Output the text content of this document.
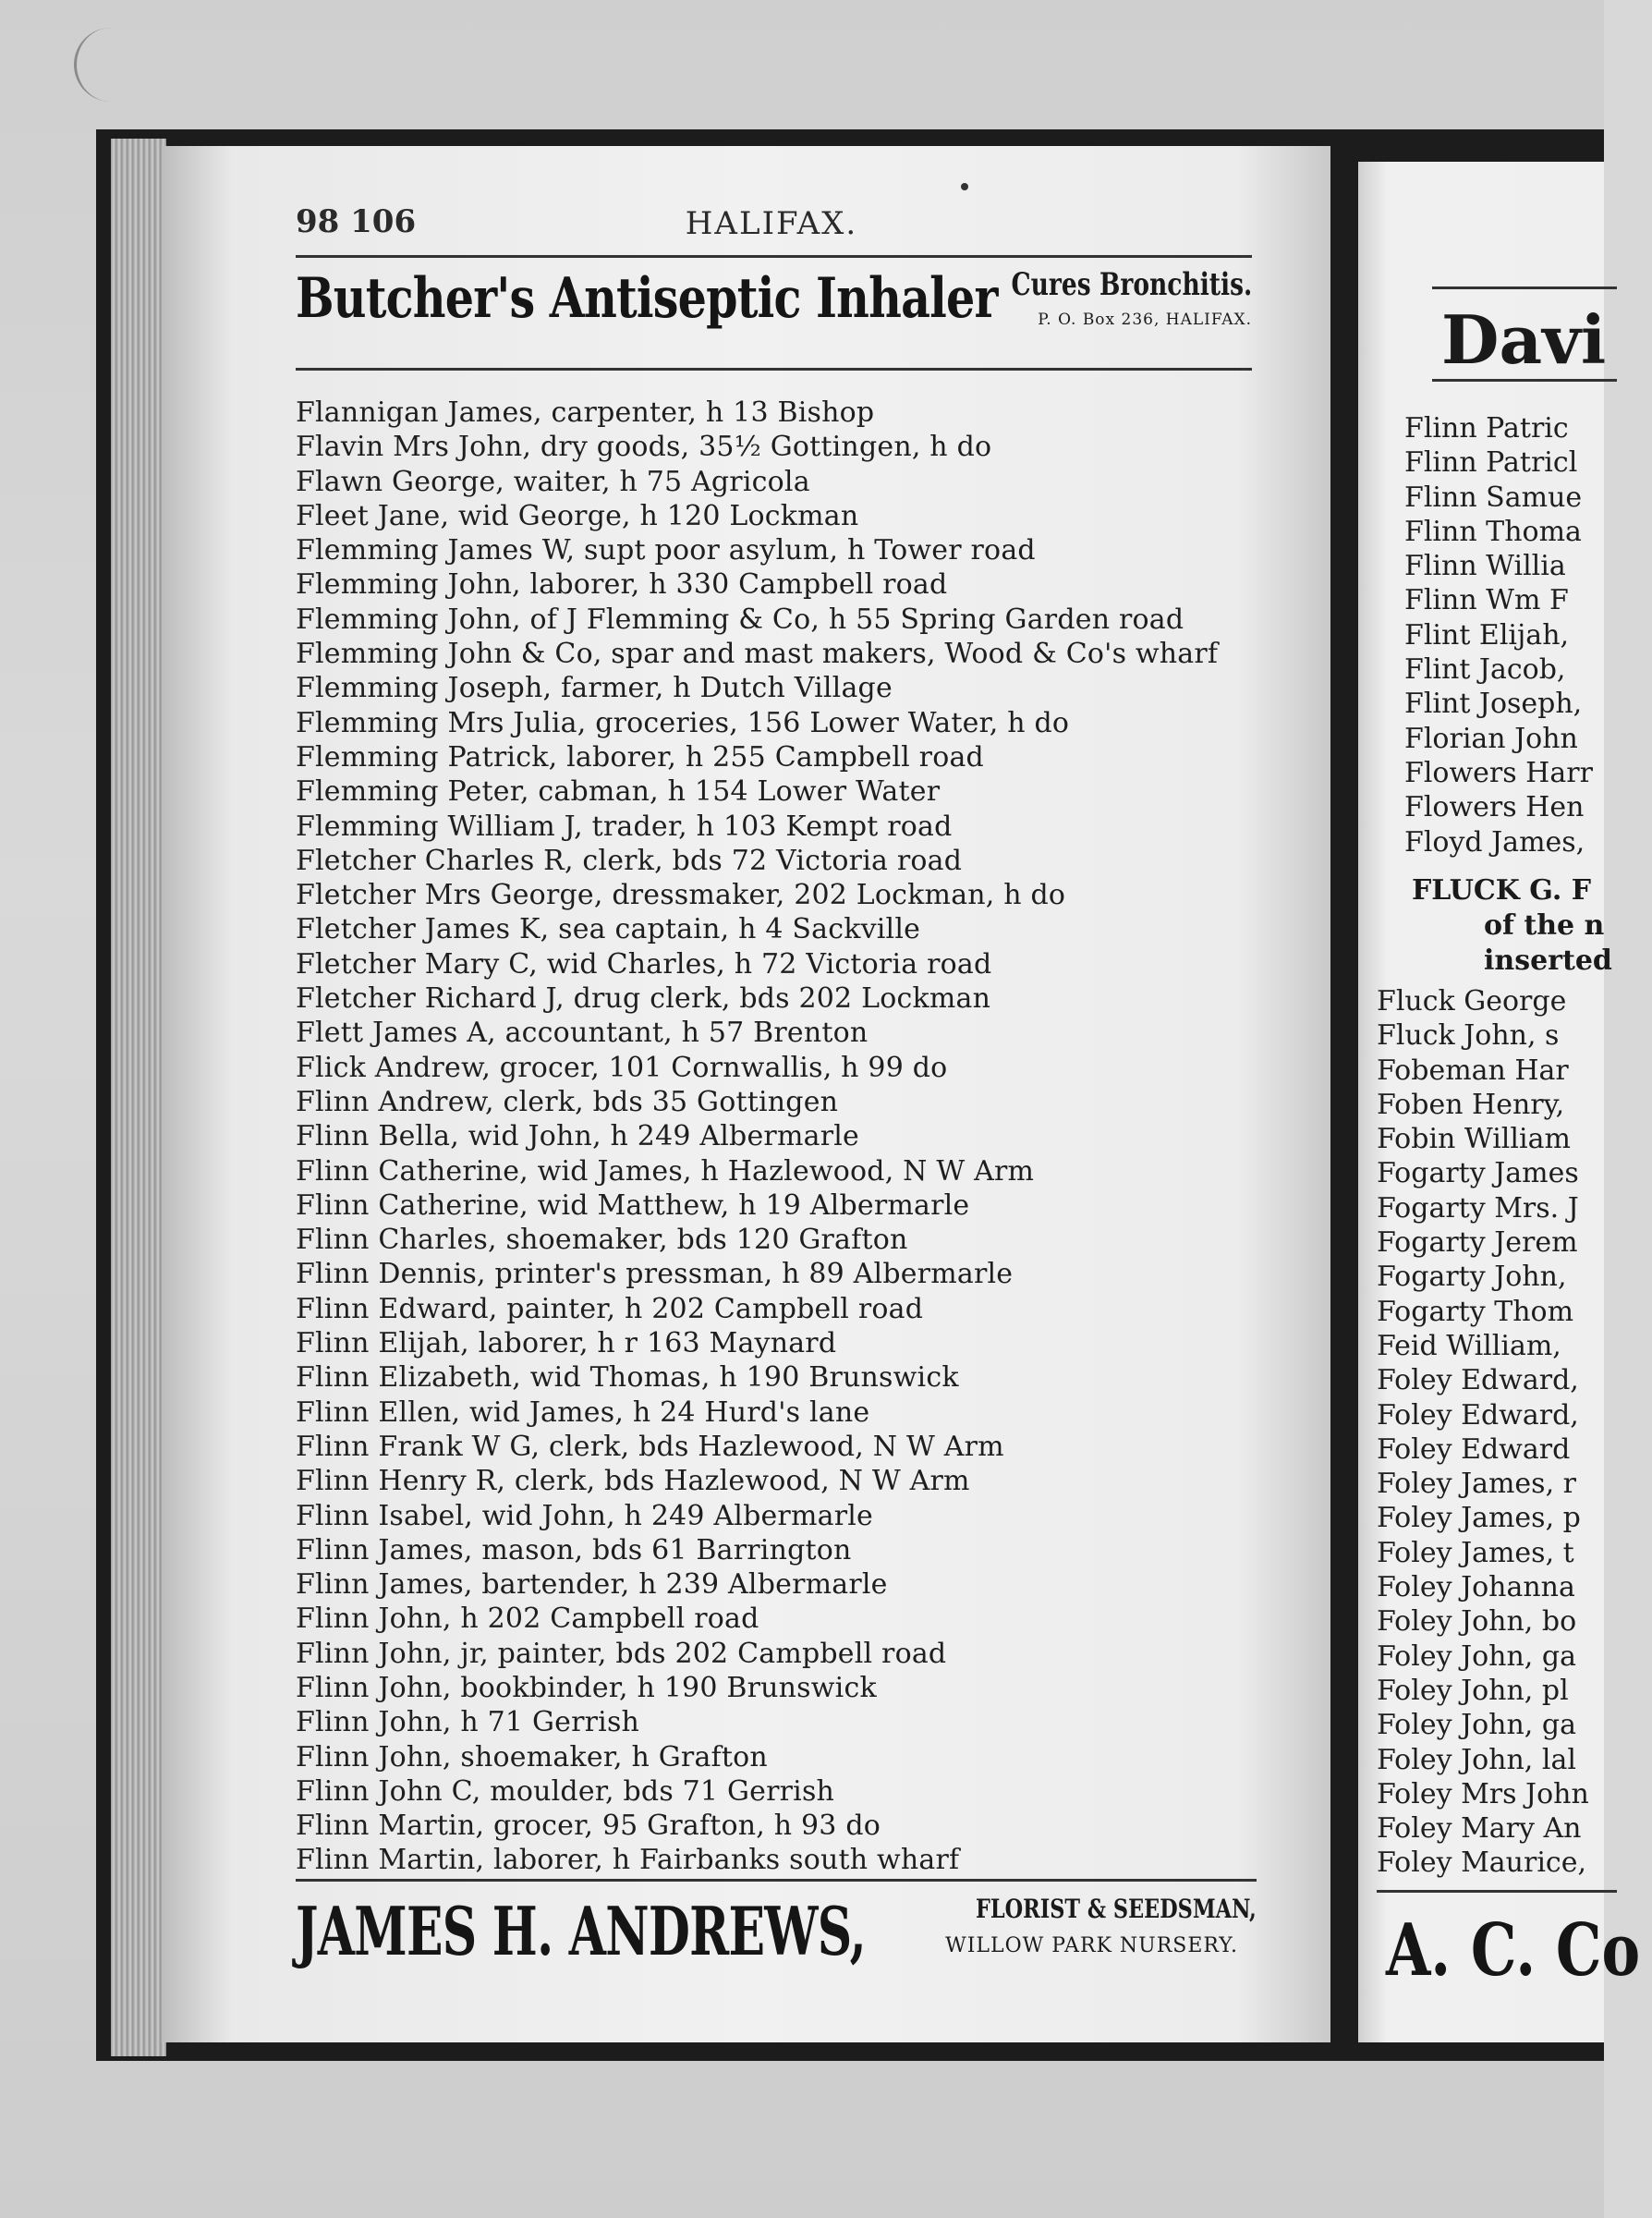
98 106	HALIFAX.
Butcher's Antiseptic Inhaler Cures Bronchitis.
P. O. Box 236, HALIFAX.
Flannigan James, carpenter, h 13 Bishop
Flavin Mrs John, dry goods, 35½ Gottingen, h do
Flawn George, waiter, h 75 Agricola
Fleet Jane, wid George, h 120 Lockman
Flemming James W, supt poor asylum, h Tower road
Flemming John, laborer, h 330 Campbell road
Flemming John, of J Flemming & Co, h 55 Spring Garden road
Flemming John & Co, spar and mast makers, Wood & Co's wharf
Flemming Joseph, farmer, h Dutch Village
Flemming Mrs Julia, groceries, 156 Lower Water, h do
Flemming Patrick, laborer, h 255 Campbell road
Flemming Peter, cabman, h 154 Lower Water
Flemming William J, trader, h 103 Kempt road
Fletcher Charles R, clerk, bds 72 Victoria road
Fletcher Mrs George, dressmaker, 202 Lockman, h do
Fletcher James K, sea captain, h 4 Sackville
Fletcher Mary C, wid Charles, h 72 Victoria road
Fletcher Richard J, drug clerk, bds 202 Lockman
Flett James A, accountant, h 57 Brenton
Flick Andrew, grocer, 101 Cornwallis, h 99 do
Flinn Andrew, clerk, bds 35 Gottingen
Flinn Bella, wid John, h 249 Albermarle
Flinn Catherine, wid James, h Hazlewood, N W Arm
Flinn Catherine, wid Matthew, h 19 Albermarle
Flinn Charles, shoemaker, bds 120 Grafton
Flinn Dennis, printer's pressman, h 89 Albermarle
Flinn Edward, painter, h 202 Campbell road
Flinn Elijah, laborer, h r 163 Maynard
Flinn Elizabeth, wid Thomas, h 190 Brunswick
Flinn Ellen, wid James, h 24 Hurd's lane
Flinn Frank W G, clerk, bds Hazlewood, N W Arm
Flinn Henry R, clerk, bds Hazlewood, N W Arm
Flinn Isabel, wid John, h 249 Albermarle
Flinn James, mason, bds 61 Barrington
Flinn James, bartender, h 239 Albermarle
Flinn John, h 202 Campbell road
Flinn John, jr, painter, bds 202 Campbell road
Flinn John, bookbinder, h 190 Brunswick
Flinn John, h 71 Gerrish
Flinn John, shoemaker, h Grafton
Flinn John C, moulder, bds 71 Gerrish
Flinn Martin, grocer, 95 Grafton, h 93 do
Flinn Martin, laborer, h Fairbanks south wharf
JAMES H. ANDREWS,	FLORIST & SEEDSMAN,
WILLOW PARK NURSERY.
Davi
Flinn Patric
Flinn Patricl
Flinn Samue
Flinn Thoma
Flinn Willia
Flinn Wm F
Flint Elijah,
Flint Jacob,
Flint Joseph,
Florian John
Flowers Harr
Flowers Hen
Floyd James,
FLUCK G. F
of the n
inserted
Fluck George
Fluck John, s
Fobeman Har
Foben Henry,
Fobin William
Fogarty James
Fogarty Mrs. J
Fogarty Jerem
Fogarty John,
Fogarty Thom
Feid William,
Foley Edward,
Foley Edward,
Foley Edward
Foley James, r
Foley James, p
Foley James, t
Foley Johanna
Foley John, bo
Foley John, ga
Foley John, pl
Foley John, ga
Foley John, lal
Foley Mrs John
Foley Mary An
Foley Maurice,
A. C. Co
